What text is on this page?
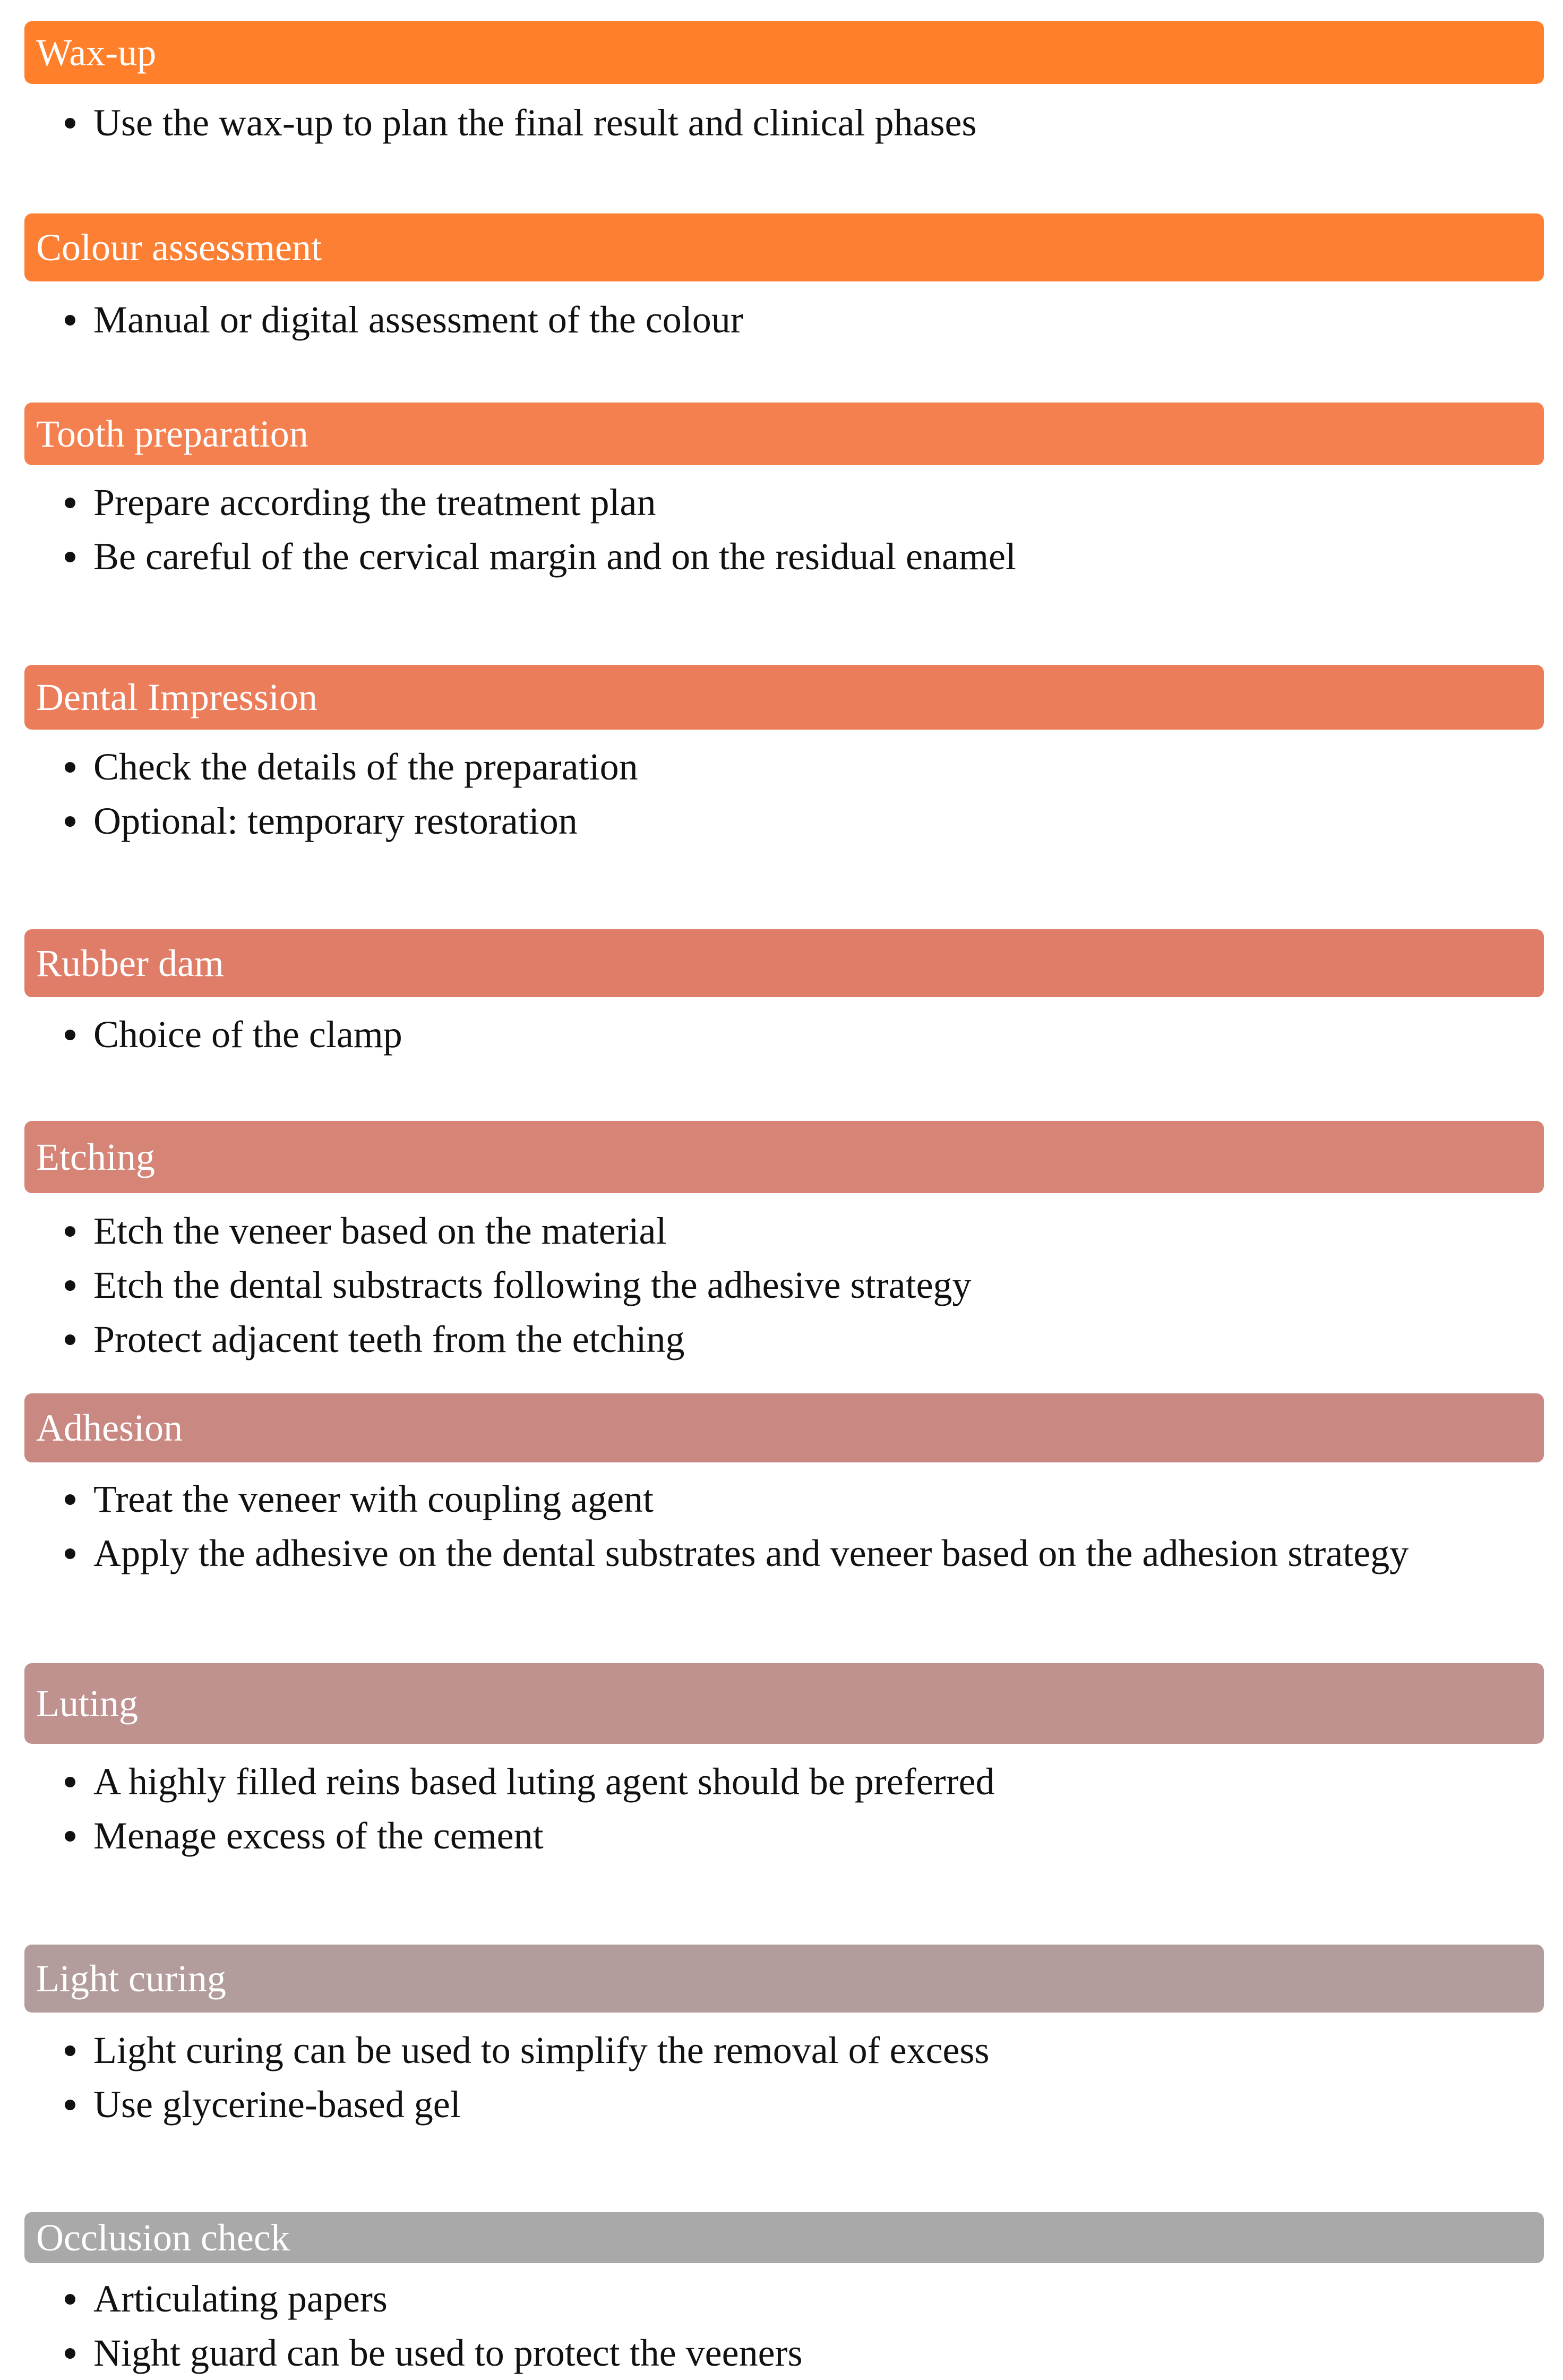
Wax-up
Use the wax-up to plan the final result and clinical phases
Colour assessment
Manual or digital assessment of the colour
Tooth preparation
Prepare according the treatment plan
Be careful of the cervical margin and on the residual enamel
Dental Impression
Check the details of the preparation
Optional: temporary restoration
Rubber dam
Choice of the clamp
Etching
Etch the veneer based on the material
Etch the dental substracts following the adhesive strategy
Protect adjacent teeth from the etching
Adhesion
Treat the veneer with coupling agent
Apply the adhesive on the dental substrates and veneer based on the adhesion strategy
Luting
A highly filled reins based luting agent should be preferred
Menage excess of the cement
Light curing
Light curing can be used to simplify the removal of excess
Use glycerine-based gel
Occlusion check
Articulating papers
Night guard can be used to protect the veeners
